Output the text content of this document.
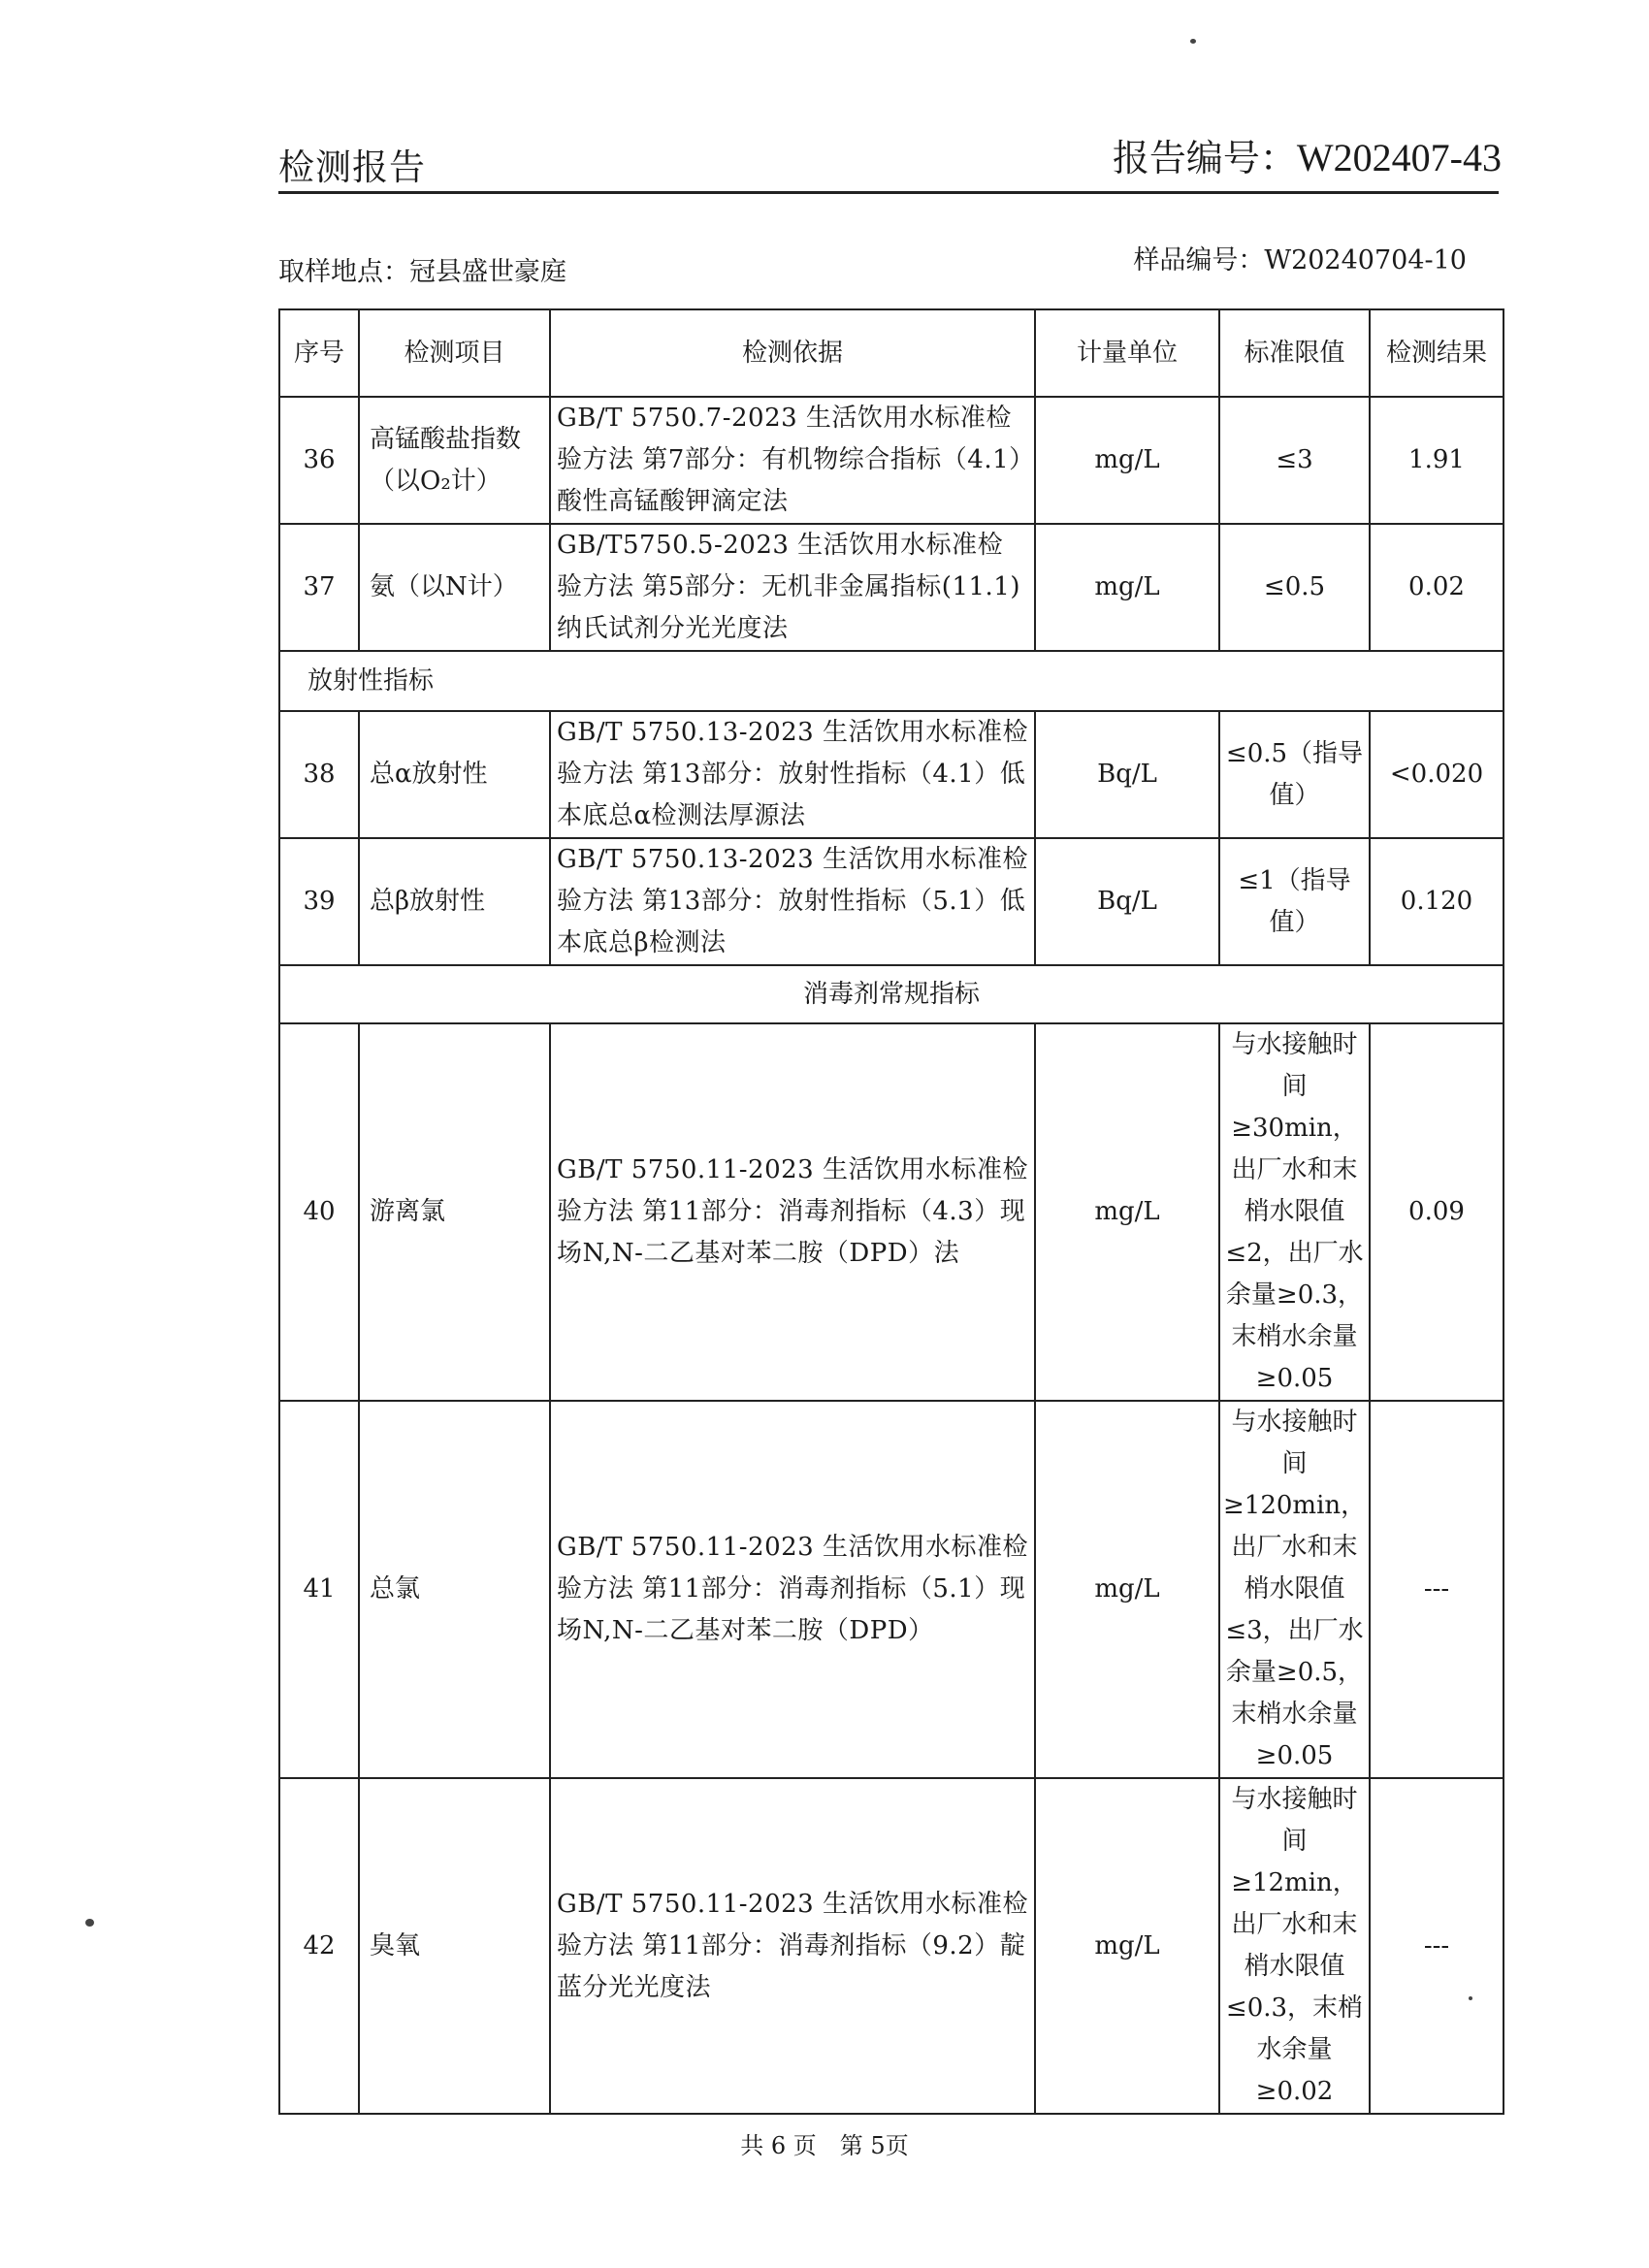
检测报告	报告编号：W202407-43
取样地点：冠县盛世豪庭	样品编号：W20240704-10
序号	检测项目	检测依据	计量单位	标准限值	检测结果
36	高锰酸盐指数（以O₂计）	GB/T 5750.7-2023 生活饮用水标准检验方法 第7部分：有机物综合指标（4.1）酸性高锰酸钾滴定法	mg/L	≤3	1.91
37	氨（以N计）	GB/T5750.5-2023 生活饮用水标准检验方法 第5部分：无机非金属指标(11.1)纳氏试剂分光光度法	mg/L	≤0.5	0.02
放射性指标					
38	总α放射性	GB/T 5750.13-2023 生活饮用水标准检验方法 第13部分：放射性指标（4.1）低本底总α检测法厚源法	Bq/L	≤0.5（指导值）	<0.020
39	总β放射性	GB/T 5750.13-2023 生活饮用水标准检验方法 第13部分：放射性指标（5.1）低本底总β检测法	Bq/L	≤1（指导值）	0.120
消毒剂常规指标					
40	游离氯	GB/T 5750.11-2023 生活饮用水标准检验方法 第11部分：消毒剂指标（4.3）现场N,N-二乙基对苯二胺（DPD）法	mg/L	与水接触时间≥30min，出厂水和末梢水限值≤2，出厂水余量≥0.3，末梢水余量≥0.05	0.09
41	总氯	GB/T 5750.11-2023 生活饮用水标准检验方法 第11部分：消毒剂指标（5.1）现场N,N-二乙基对苯二胺（DPD）	mg/L	与水接触时间≥120min，出厂水和末梢水限值≤3，出厂水余量≥0.5，末梢水余量≥0.05	---
42	臭氧	GB/T 5750.11-2023 生活饮用水标准检验方法 第11部分：消毒剂指标（9.2）靛蓝分光光度法	mg/L	与水接触时间≥12min，出厂水和末梢水限值≤0.3，末梢水余量≥0.02	---
共 6 页　第 5页
